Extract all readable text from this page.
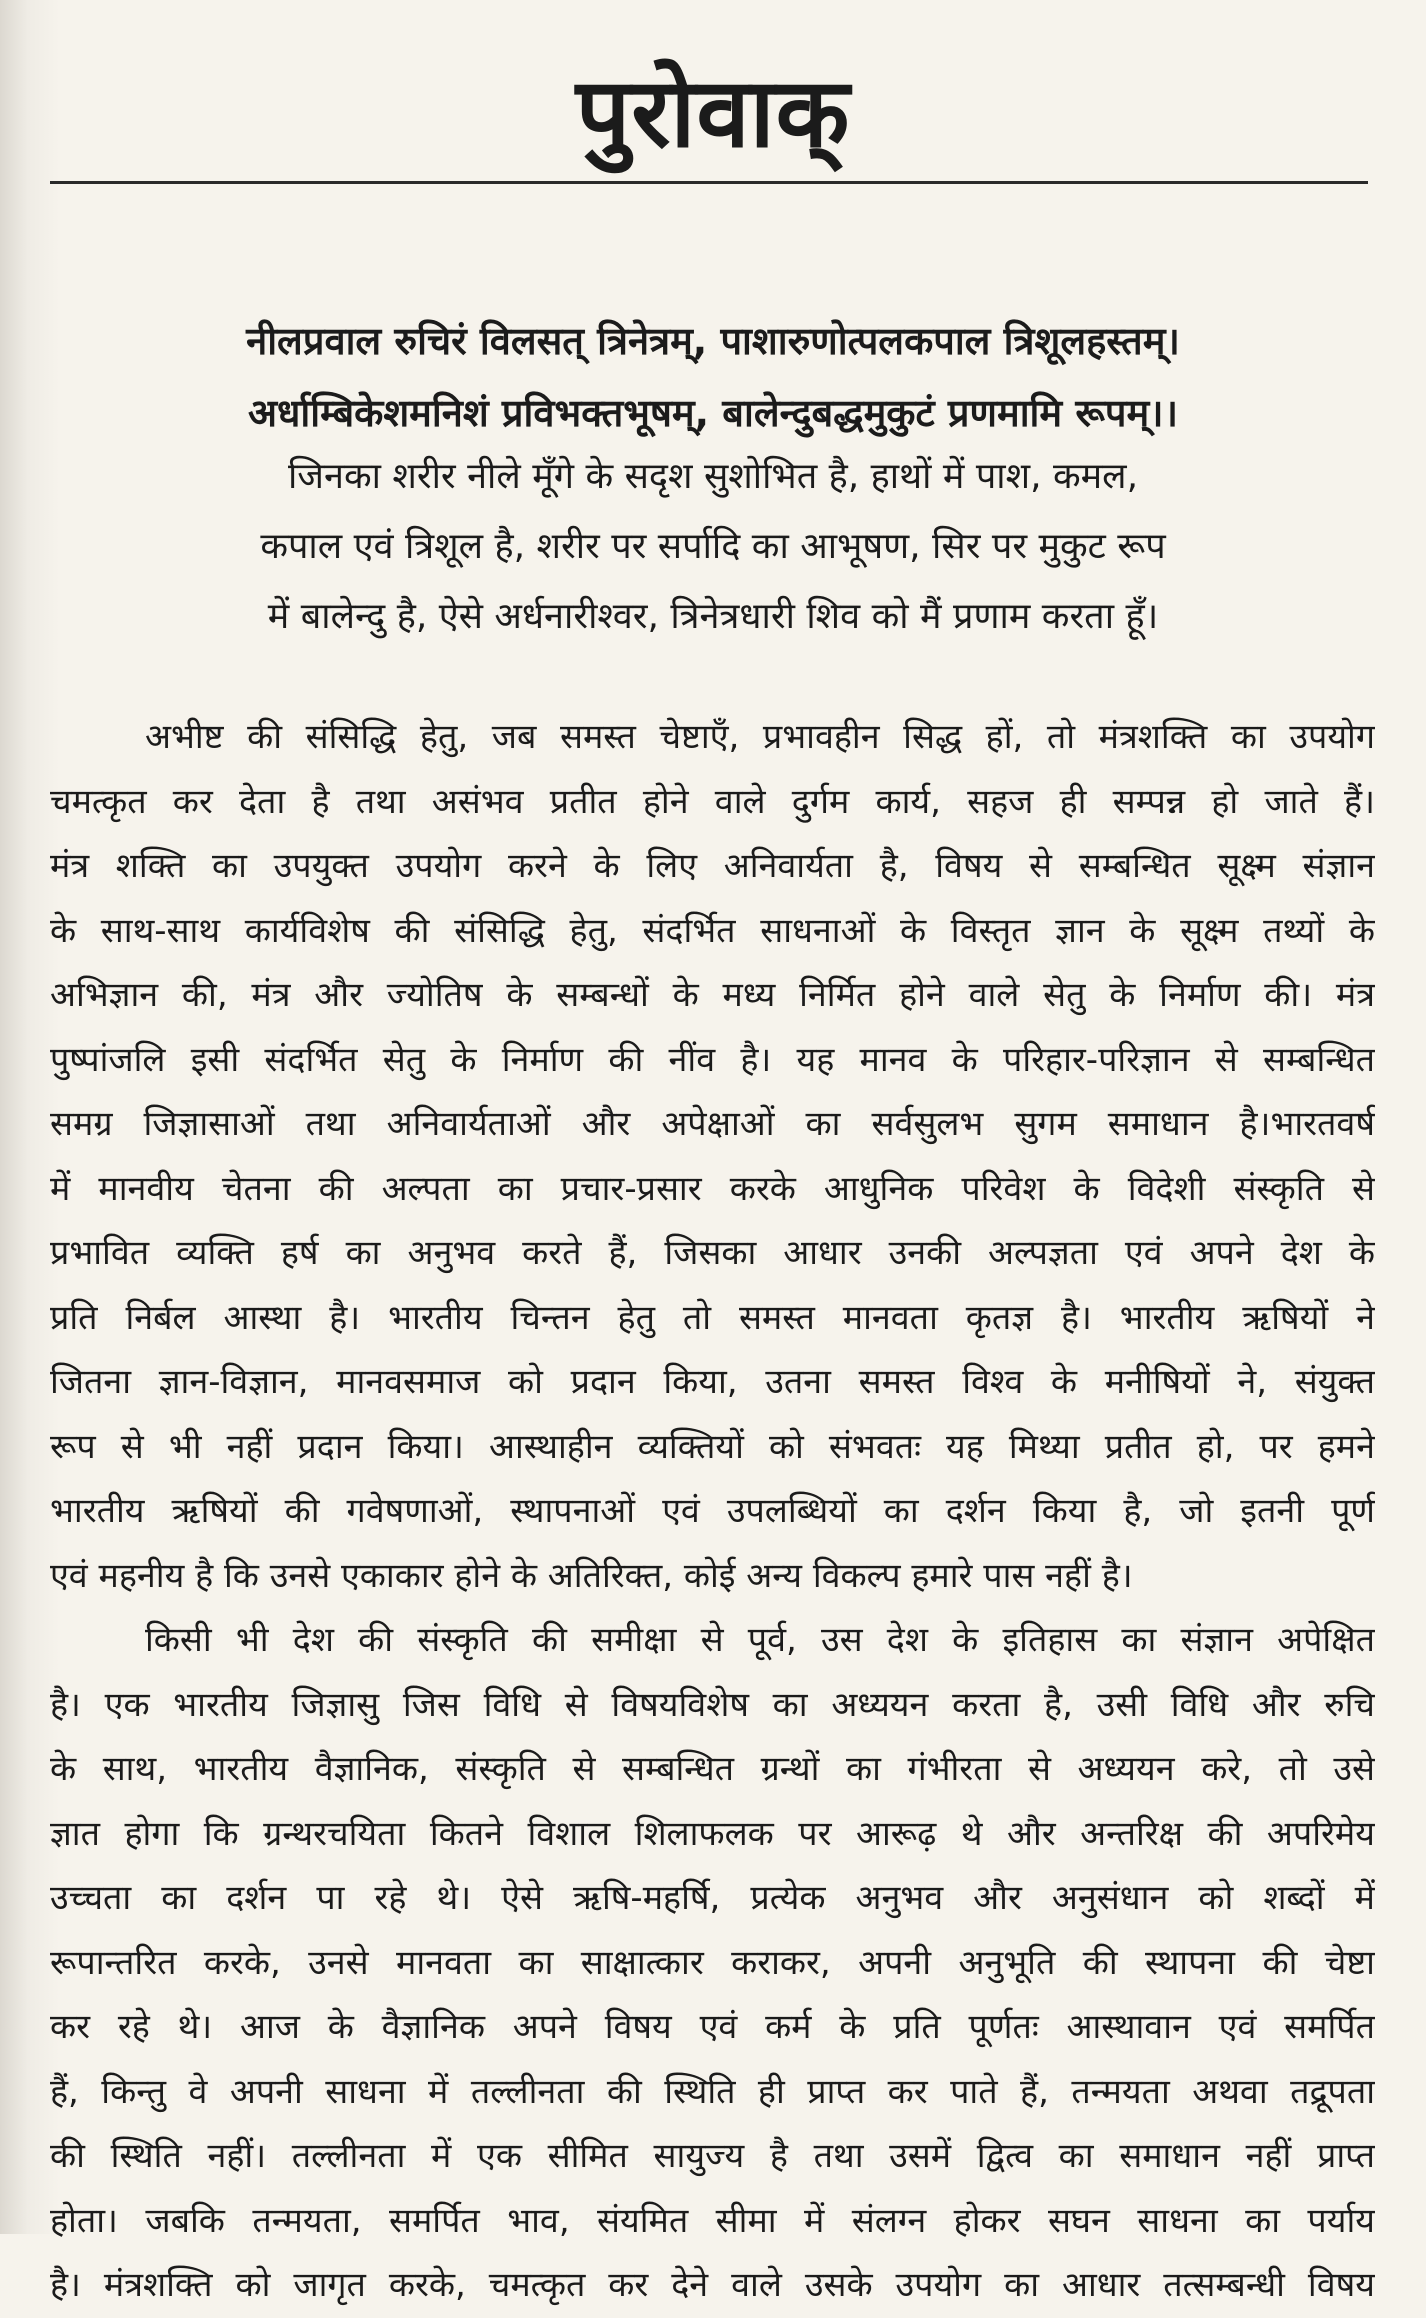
पुरोवाक्
नीलप्रवाल रुचिरं विलसत् त्रिनेत्रम्, पाशारुणोत्पलकपाल त्रिशूलहस्तम्।
अर्धाम्बिकेशमनिशं प्रविभक्तभूषम्, बालेन्दुबद्धमुकुटं प्रणमामि रूपम्।।
जिनका शरीर नीले मूँगे के सदृश सुशोभित है, हाथों में पाश, कमल,
कपाल एवं त्रिशूल है, शरीर पर सर्पादि का आभूषण, सिर पर मुकुट रूप
में बालेन्दु है, ऐसे अर्धनारीश्वर, त्रिनेत्रधारी शिव को मैं प्रणाम करता हूँ।
अभीष्ट की संसिद्धि हेतु, जब समस्त चेष्टाएँ, प्रभावहीन सिद्ध हों, तो मंत्रशक्ति का उपयोग
चमत्कृत कर देता है तथा असंभव प्रतीत होने वाले दुर्गम कार्य, सहज ही सम्पन्न हो जाते हैं।
मंत्र शक्ति का उपयुक्त उपयोग करने के लिए अनिवार्यता है, विषय से सम्बन्धित सूक्ष्म संज्ञान
के साथ-साथ कार्यविशेष की संसिद्धि हेतु, संदर्भित साधनाओं के विस्तृत ज्ञान के सूक्ष्म तथ्यों के
अभिज्ञान की, मंत्र और ज्योतिष के सम्बन्धों के मध्य निर्मित होने वाले सेतु के निर्माण की। मंत्र
पुष्पांजलि इसी संदर्भित सेतु के निर्माण की नींव है। यह मानव के परिहार-परिज्ञान से सम्बन्धित
समग्र जिज्ञासाओं तथा अनिवार्यताओं और अपेक्षाओं का सर्वसुलभ सुगम समाधान है।भारतवर्ष
में मानवीय चेतना की अल्पता का प्रचार-प्रसार करके आधुनिक परिवेश के विदेशी संस्कृति से
प्रभावित व्यक्ति हर्ष का अनुभव करते हैं, जिसका आधार उनकी अल्पज्ञता एवं अपने देश के
प्रति निर्बल आस्था है। भारतीय चिन्तन हेतु तो समस्त मानवता कृतज्ञ है। भारतीय ऋषियों ने
जितना ज्ञान-विज्ञान, मानवसमाज को प्रदान किया, उतना समस्त विश्व के मनीषियों ने, संयुक्त
रूप से भी नहीं प्रदान किया। आस्थाहीन व्यक्तियों को संभवतः यह मिथ्या प्रतीत हो, पर हमने
भारतीय ऋषियों की गवेषणाओं, स्थापनाओं एवं उपलब्धियों का दर्शन किया है, जो इतनी पूर्ण
एवं महनीय है कि उनसे एकाकार होने के अतिरिक्त, कोई अन्य विकल्प हमारे पास नहीं है।
किसी भी देश की संस्कृति की समीक्षा से पूर्व, उस देश के इतिहास का संज्ञान अपेक्षित
है। एक भारतीय जिज्ञासु जिस विधि से विषयविशेष का अध्ययन करता है, उसी विधि और रुचि
के साथ, भारतीय वैज्ञानिक, संस्कृति से सम्बन्धित ग्रन्थों का गंभीरता से अध्ययन करे, तो उसे
ज्ञात होगा कि ग्रन्थरचयिता कितने विशाल शिलाफलक पर आरूढ़ थे और अन्तरिक्ष की अपरिमेय
उच्चता का दर्शन पा रहे थे। ऐसे ऋषि-महर्षि, प्रत्येक अनुभव और अनुसंधान को शब्दों में
रूपान्तरित करके, उनसे मानवता का साक्षात्कार कराकर, अपनी अनुभूति की स्थापना की चेष्टा
कर रहे थे। आज के वैज्ञानिक अपने विषय एवं कर्म के प्रति पूर्णतः आस्थावान एवं समर्पित
हैं, किन्तु वे अपनी साधना में तल्लीनता की स्थिति ही प्राप्त कर पाते हैं, तन्मयता अथवा तद्रूपता
की स्थिति नहीं। तल्लीनता में एक सीमित सायुज्य है तथा उसमें द्वित्व का समाधान नहीं प्राप्त
होता। जबकि तन्मयता, समर्पित भाव, संयमित सीमा में संलग्न होकर सघन साधना का पर्याय
है। मंत्रशक्ति को जागृत करके, चमत्कृत कर देने वाले उसके उपयोग का आधार तत्सम्बन्धी विषय
